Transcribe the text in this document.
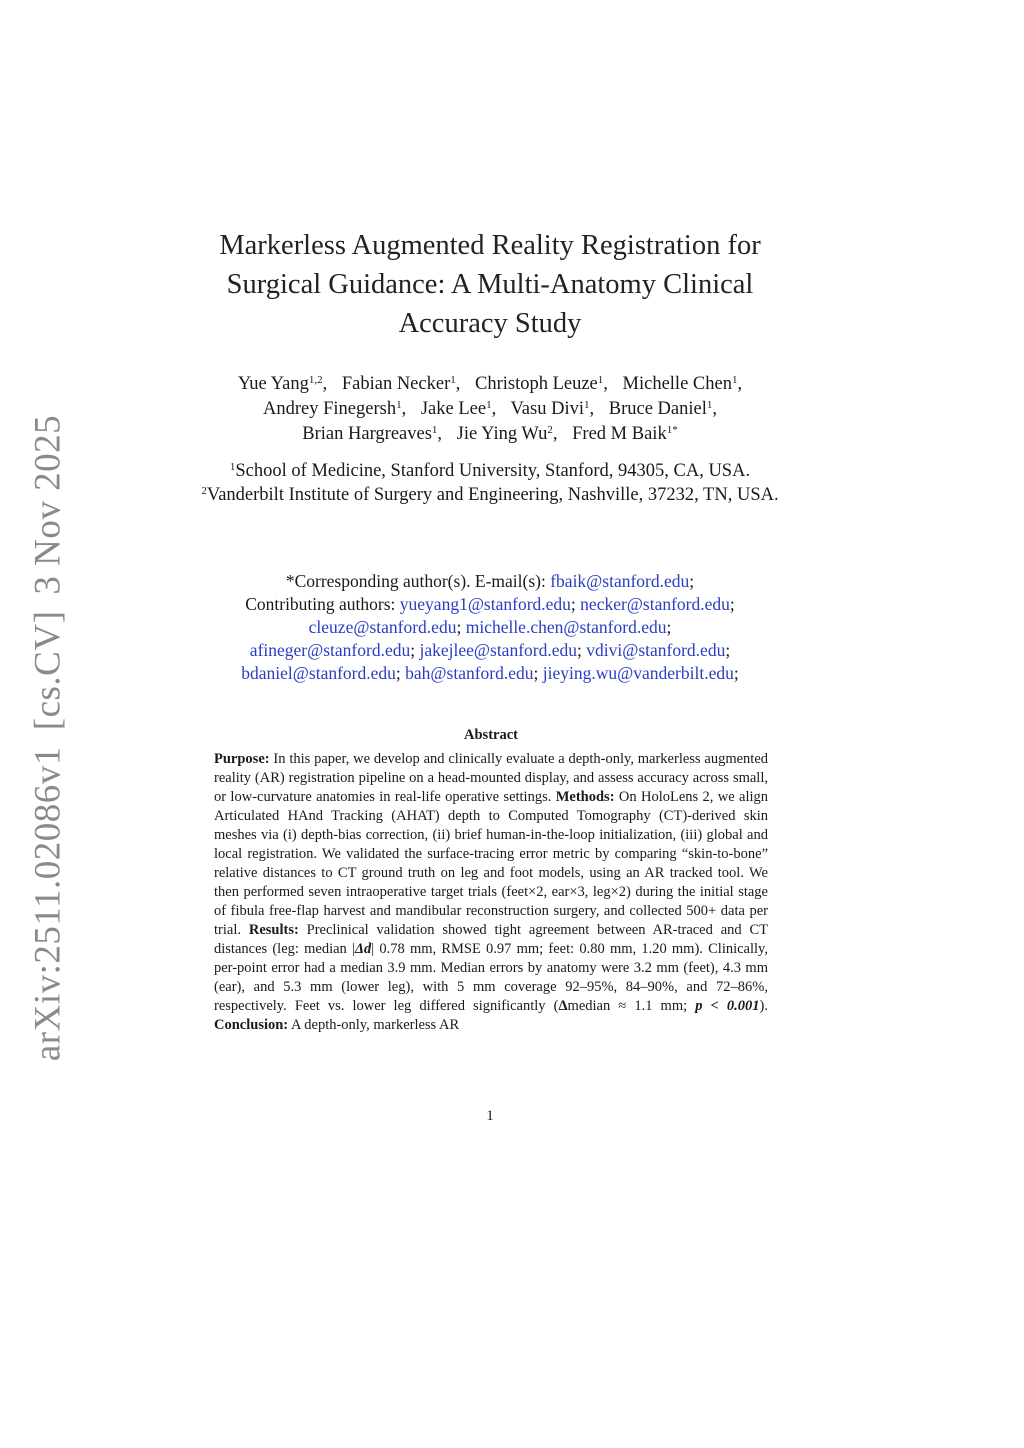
arXiv:2511.02086v1[cs.CV]3 Nov 2025
Markerless Augmented Reality Registration for
Surgical Guidance: A Multi-Anatomy Clinical
Accuracy Study
Yue Yang$^{1,2}$, Fabian Necker$^1$, Christoph Leuze$^1$, Michelle Chen$^1$,
Andrey Finegersh$^1$, Jake Lee$^1$, Vasu Divi$^1$, Bruce Daniel$^1$,
Brian Hargreaves$^1$, Jie Ying Wu$^2$, Fred M Baik$^{1*}$
$^1$School of Medicine, Stanford University, Stanford, 94305, CA, USA.
$^2$Vanderbilt Institute of Surgery and Engineering, Nashville, 37232, TN, USA.
*Corresponding author(s). E-mail(s): fbaik@stanford.edu;
Contributing authors: yueyang1@stanford.edu; necker@stanford.edu;
cleuze@stanford.edu; michelle.chen@stanford.edu;
afineger@stanford.edu; jakejlee@stanford.edu; vdivi@stanford.edu;
bdaniel@stanford.edu; bah@stanford.edu; jieying.wu@vanderbilt.edu;
Abstract
Purpose: In this paper, we develop and clinically evaluate a depth-only, markerless augmented reality (AR) registration pipeline on a head-mounted display, and assess accuracy across small, or low-curvature anatomies in real-life operative settings. Methods: On HoloLens 2, we align Articulated HAnd Tracking (AHAT) depth to Computed Tomography (CT)-derived skin meshes via (i) depth-bias correction, (ii) brief human-in-the-loop initialization, (iii) global and local registration. We validated the surface-tracing error metric by comparing “skin-to-bone” relative distances to CT ground truth on leg and foot models, using an AR tracked tool. We then performed seven intraoperative target trials (feet×2, ear×3, leg×2) during the initial stage of fibula free-flap harvest and mandibular reconstruction surgery, and collected 500+ data per trial. Results: Preclinical validation showed tight agreement between AR-traced and CT distances (leg: median |Δd| 0.78 mm, RMSE 0.97 mm; feet: 0.80 mm, 1.20 mm). Clinically, per-point error had a median 3.9 mm. Median errors by anatomy were 3.2 mm (feet), 4.3 mm (ear), and 5.3 mm (lower leg), with 5 mm coverage 92–95%, 84–90%, and 72–86%, respectively. Feet vs. lower leg differed significantly (Δmedian ≈ 1.1 mm; p < 0.001). Conclusion: A depth-only, markerless AR
1
